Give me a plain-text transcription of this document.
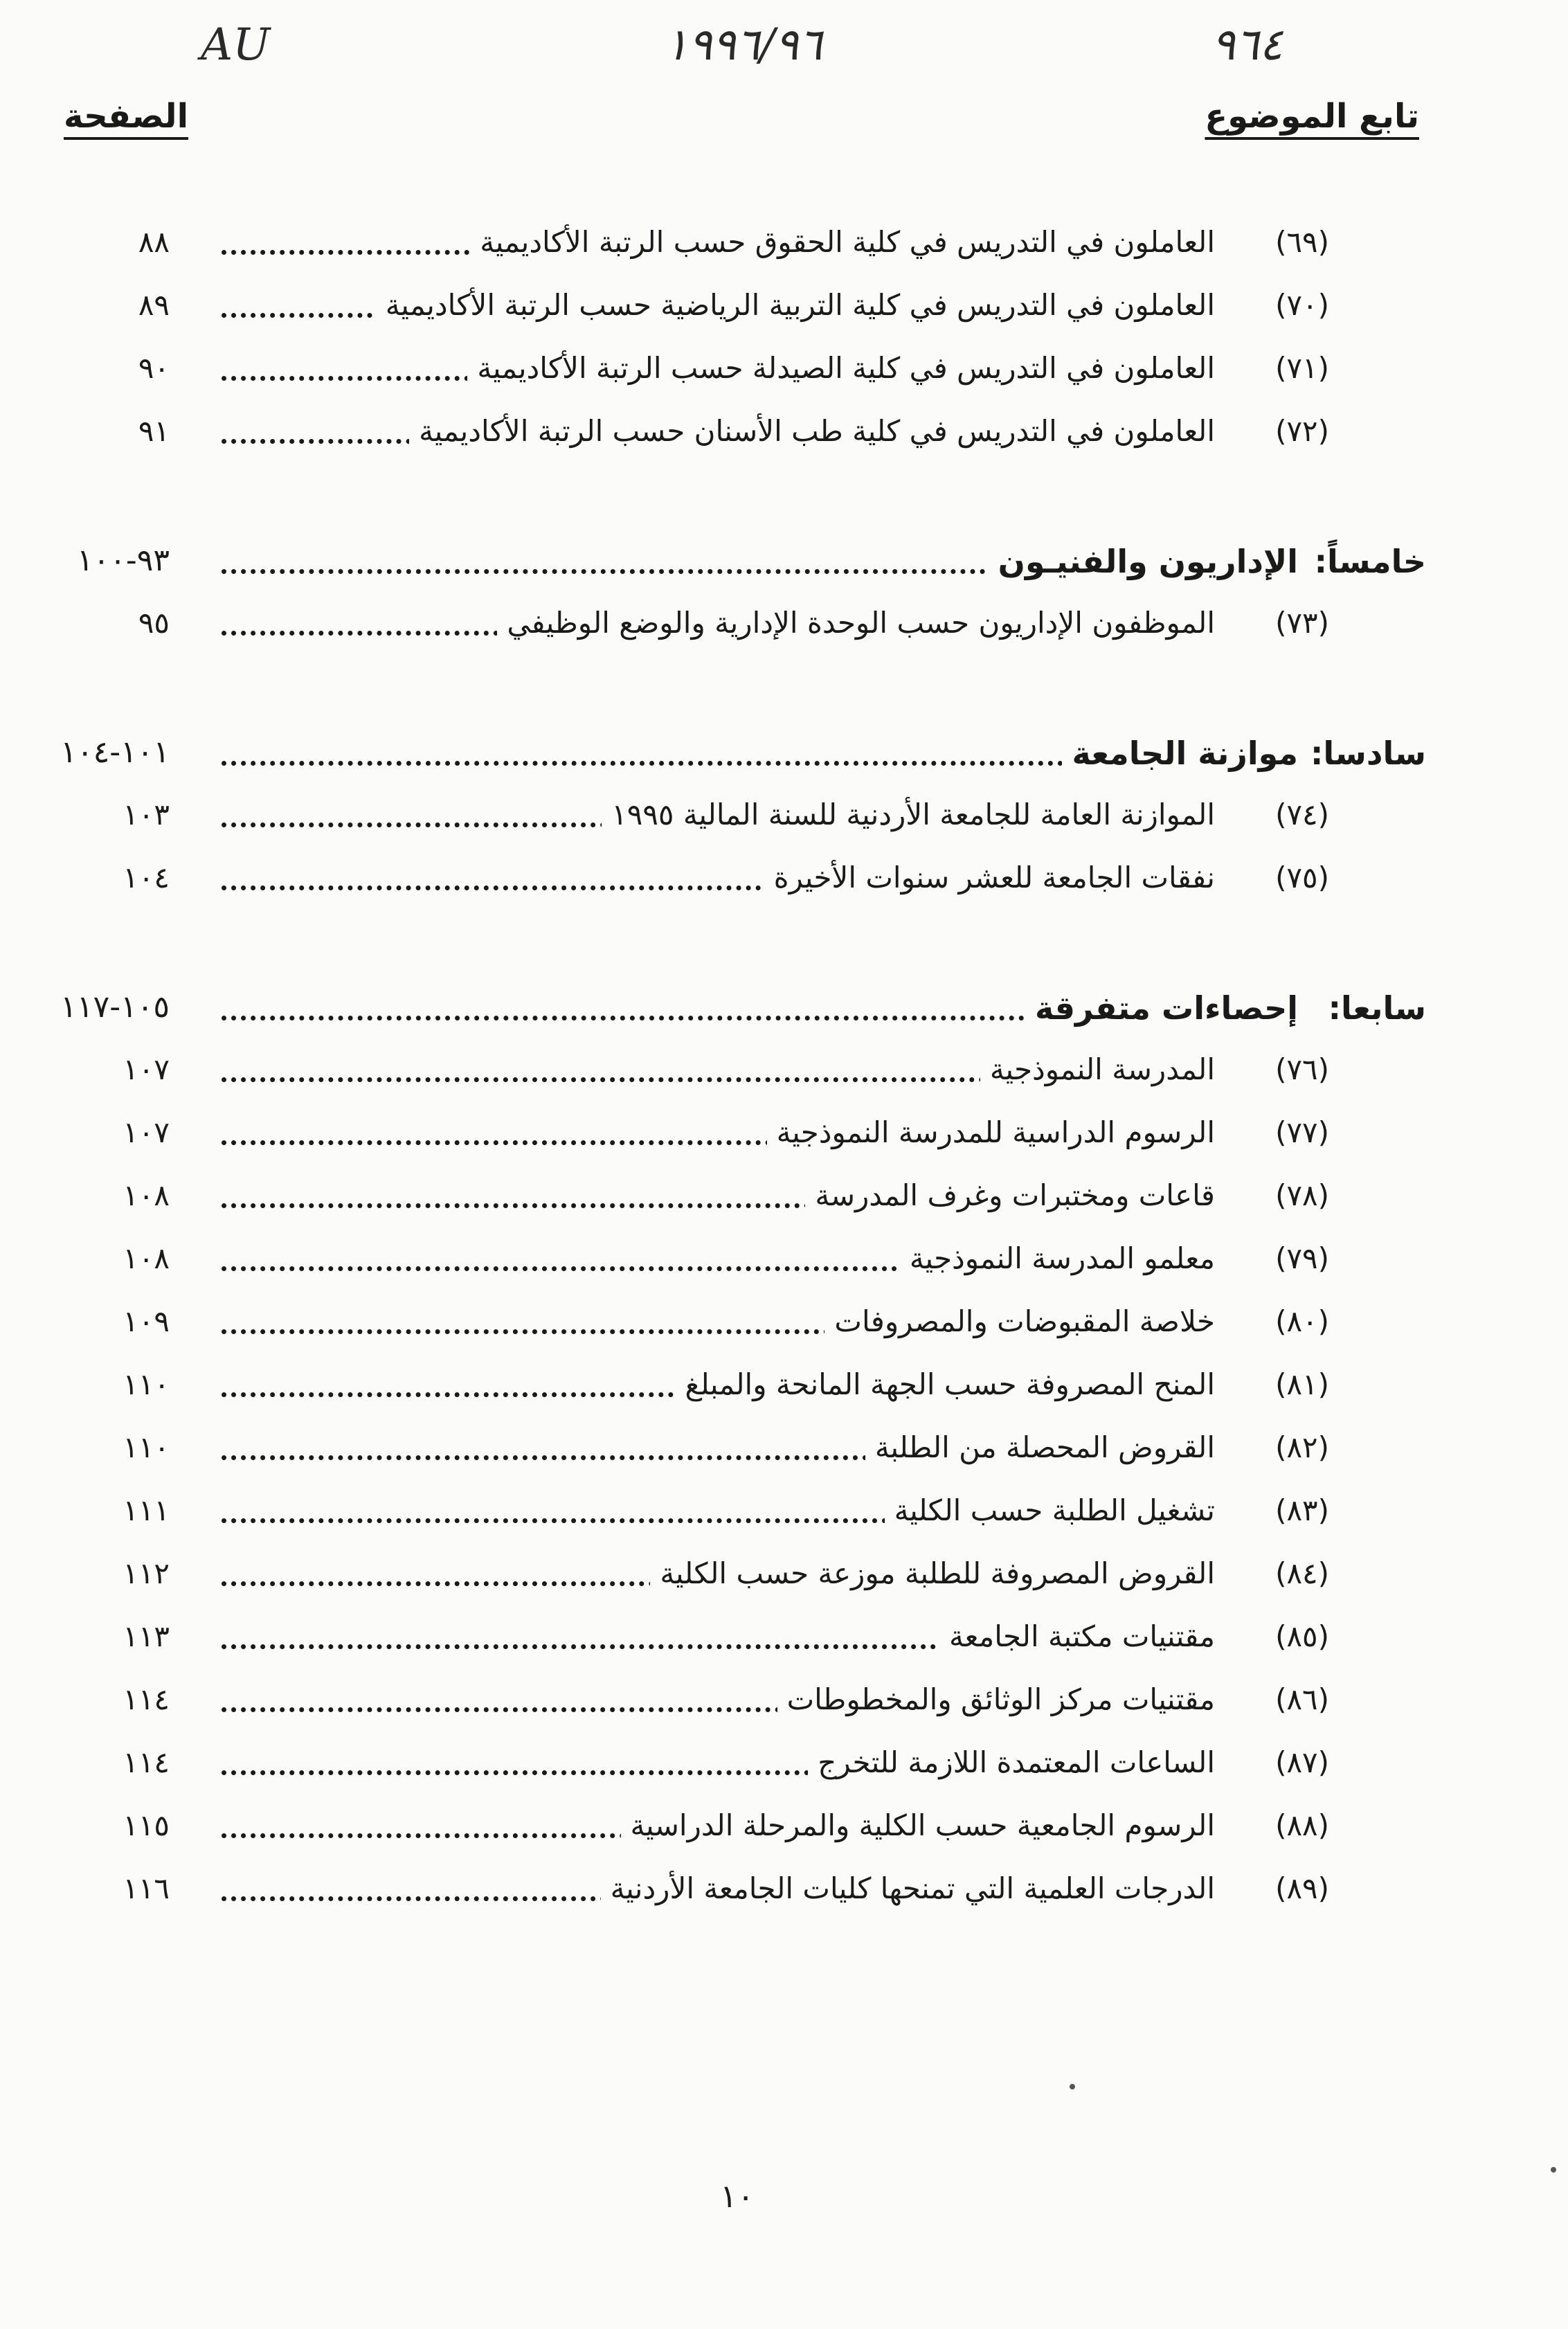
AU	١٩٩٦/٩٦	٩٦٤
تابع الموضوع
الصفحة
(٦٩)
العاملون في التدريس في كلية الحقوق حسب الرتبة الأكاديمية
٨٨
(٧٠)
العاملون في التدريس في كلية التربية الرياضية حسب الرتبة الأكاديمية
٨٩
(٧١)
العاملون في التدريس في كلية الصيدلة حسب الرتبة الأكاديمية
٩٠
(٧٢)
العاملون في التدريس في كلية طب الأسنان حسب الرتبة الأكاديمية
٩١
خامساً:
الإداريون والفنيـون
٩٣-١٠٠
(٧٣)
الموظفون الإداريون حسب الوحدة الإدارية والوضع الوظيفي
٩٥
سادسا:
موازنة الجامعة
١٠١-١٠٤
(٧٤)
الموازنة العامة للجامعة الأردنية للسنة المالية ١٩٩٥
١٠٣
(٧٥)
نفقات الجامعة للعشر سنوات الأخيرة
١٠٤
سابعا:
إحصاءات متفرقة
١٠٥-١١٧
(٧٦)
المدرسة النموذجية
١٠٧
(٧٧)
الرسوم الدراسية للمدرسة النموذجية
١٠٧
(٧٨)
قاعات ومختبرات وغرف المدرسة
١٠٨
(٧٩)
معلمو المدرسة النموذجية
١٠٨
(٨٠)
خلاصة المقبوضات والمصروفات
١٠٩
(٨١)
المنح المصروفة حسب الجهة المانحة والمبلغ
١١٠
(٨٢)
القروض المحصلة من الطلبة
١١٠
(٨٣)
تشغيل الطلبة حسب الكلية
١١١
(٨٤)
القروض المصروفة للطلبة موزعة حسب الكلية
١١٢
(٨٥)
مقتنيات مكتبة الجامعة
١١٣
(٨٦)
مقتنيات مركز الوثائق والمخطوطات
١١٤
(٨٧)
الساعات المعتمدة اللازمة للتخرج
١١٤
(٨٨)
الرسوم الجامعية حسب الكلية والمرحلة الدراسية
١١٥
(٨٩)
الدرجات العلمية التي تمنحها كليات الجامعة الأردنية
١١٦
١٠
